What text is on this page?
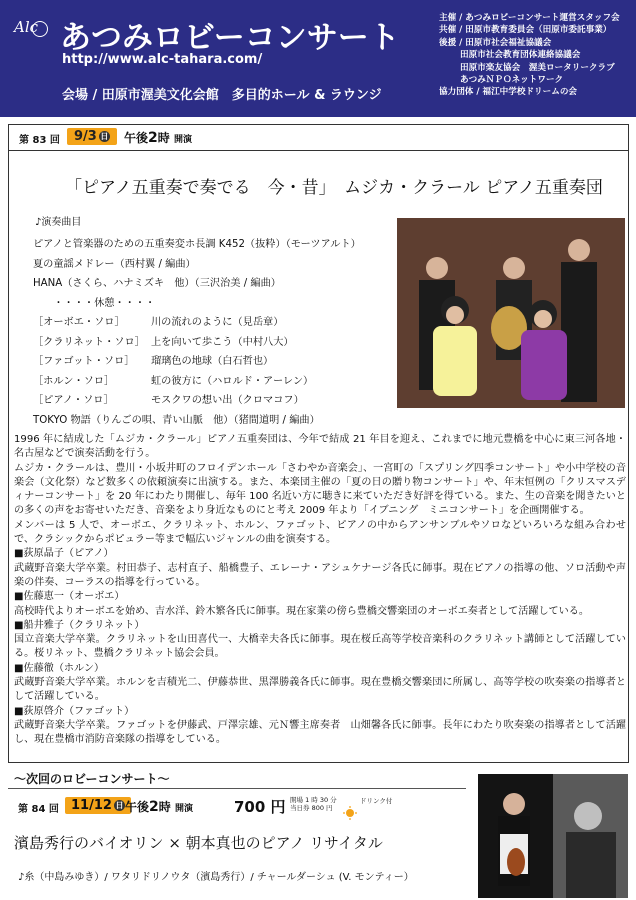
Alc あつみロビーコンサート
http://www.alc-tahara.com/
会場 / 田原市渥美文化会館　多目的ホール & ラウンジ
主催 / あつみロビーコンサート運営スタッフ会
共催 / 田原市教育委員会（田原市委託事業）
後援 / 田原市社会福祉協議会
田原市社会教育団体連絡協議会
田原市楽友協会　渥美ロータリークラブ
あつみＮＰＯネットワーク
協力団体 / 福江中学校ドリームの会
第 83 回	9/3 日	午後2時 開演
「ピアノ五重奏で奏でる　今・昔」　ムジカ・クラール ピアノ五重奏団
♪演奏曲目
ピアノと管楽器のための五重奏変ホ長調 K452（抜粋）（モーツアルト）
夏の童謡メドレー（西村翼 / 編曲）
HANA（さくら、ハナミズキ　他）（三沢治美 / 編曲）
　　・・・・休憩・・・・
［オーボエ・ソロ］	川の流れのように（見岳章）
［クラリネット・ソロ］ 上を向いて歩こう（中村八大）
［ファゴット・ソロ］ 瑠璃色の地球（白石哲也）
［ホルン・ソロ］	虹の彼方に（ハロルド・アーレン）
［ピアノ・ソロ］	モスクワの想い出（クロマコフ）
TOKYO 物語（りんごの唄、青い山脈　他）（猪間道明 / 編曲）
1996 年に結成した「ムジカ・クラール」ピアノ五重奏団は、今年で結成 21 年目を迎え、これまでに地元豊橋を中心に東三河各地・名古屋などで演奏活動を行う。
ムジカ・クラールは、豊川・小坂井町のフロイデンホール「さわやか音楽会」、一宮町の「スプリング四季コンサート」や小中学校の音楽会（文化祭）など数多くの依頼演奏に出演する。また、本楽団主催の「夏の日の贈り物コンサート」や、年末恒例の「クリスマスディナーコンサート」を 20 年にわたり開催し、毎年 100 名近い方に聴きに来ていただき好評を得ている。また、生の音楽を聞きたいとの多くの声をお寄せいただき、音楽をより身近なものにと考え 2009 年より「イブニング　ミニコンサート」を企画開催する。
メンバーは 5 人で、オーボエ、クラリネット、ホルン、ファゴット、ピアノの中からアンサンブルやソロなどいろいろな組み合わせで、クラシックからポピュラー等まで幅広いジャンルの曲を演奏する。
■荻原晶子（ピアノ）
武蔵野音楽大学卒業。村田恭子、志村直子、船橋豊子、エレーナ・アシュケナージ各氏に師事。現在ピアノの指導の他、ソロ活動や声楽の伴奏、コーラスの指導を行っている。
■佐藤恵一（オーボエ）
高校時代よりオーボエを始め、吉水洋、鈴木繁各氏に師事。現在家業の傍ら豊橋交響楽団のオーボエ奏者として活躍している。
■船井雅子（クラリネット）
国立音楽大学卒業。クラリネットを山田喜代一、大橋幸夫各氏に師事。現在桜丘高等学校音楽科のクラリネット講師として活躍している。桜リネット、豊橋クラリネット協会会員。
■佐藤徹（ホルン）
武蔵野音楽大学卒業。ホルンを吉積光二、伊藤恭世、黒澤勝義各氏に師事。現在豊橋交響楽団に所属し、高等学校の吹奏楽の指導者として活躍している。
■荻原啓介（ファゴット）
武蔵野音楽大学卒業。ファゴットを伊藤武、戸澤宗雄、元Ｎ響主席奏者　山畑馨各氏に師事。長年にわたり吹奏楽の指導者として活躍し、現在豊橋市消防音楽隊の指導をしている。
〜次回のロビーコンサート〜
第 84 回 11/12 日 午後2時 開演	700 円 開場 1 時 30 分
当日券 800 円
ドリンク付
濱島秀行のバイオリン × 朝本真也のピアノ リサイタル
♪糸（中島みゆき）/ ワタリドリノウタ（濱島秀行）/ チャールダーシュ (V. モンティー）
